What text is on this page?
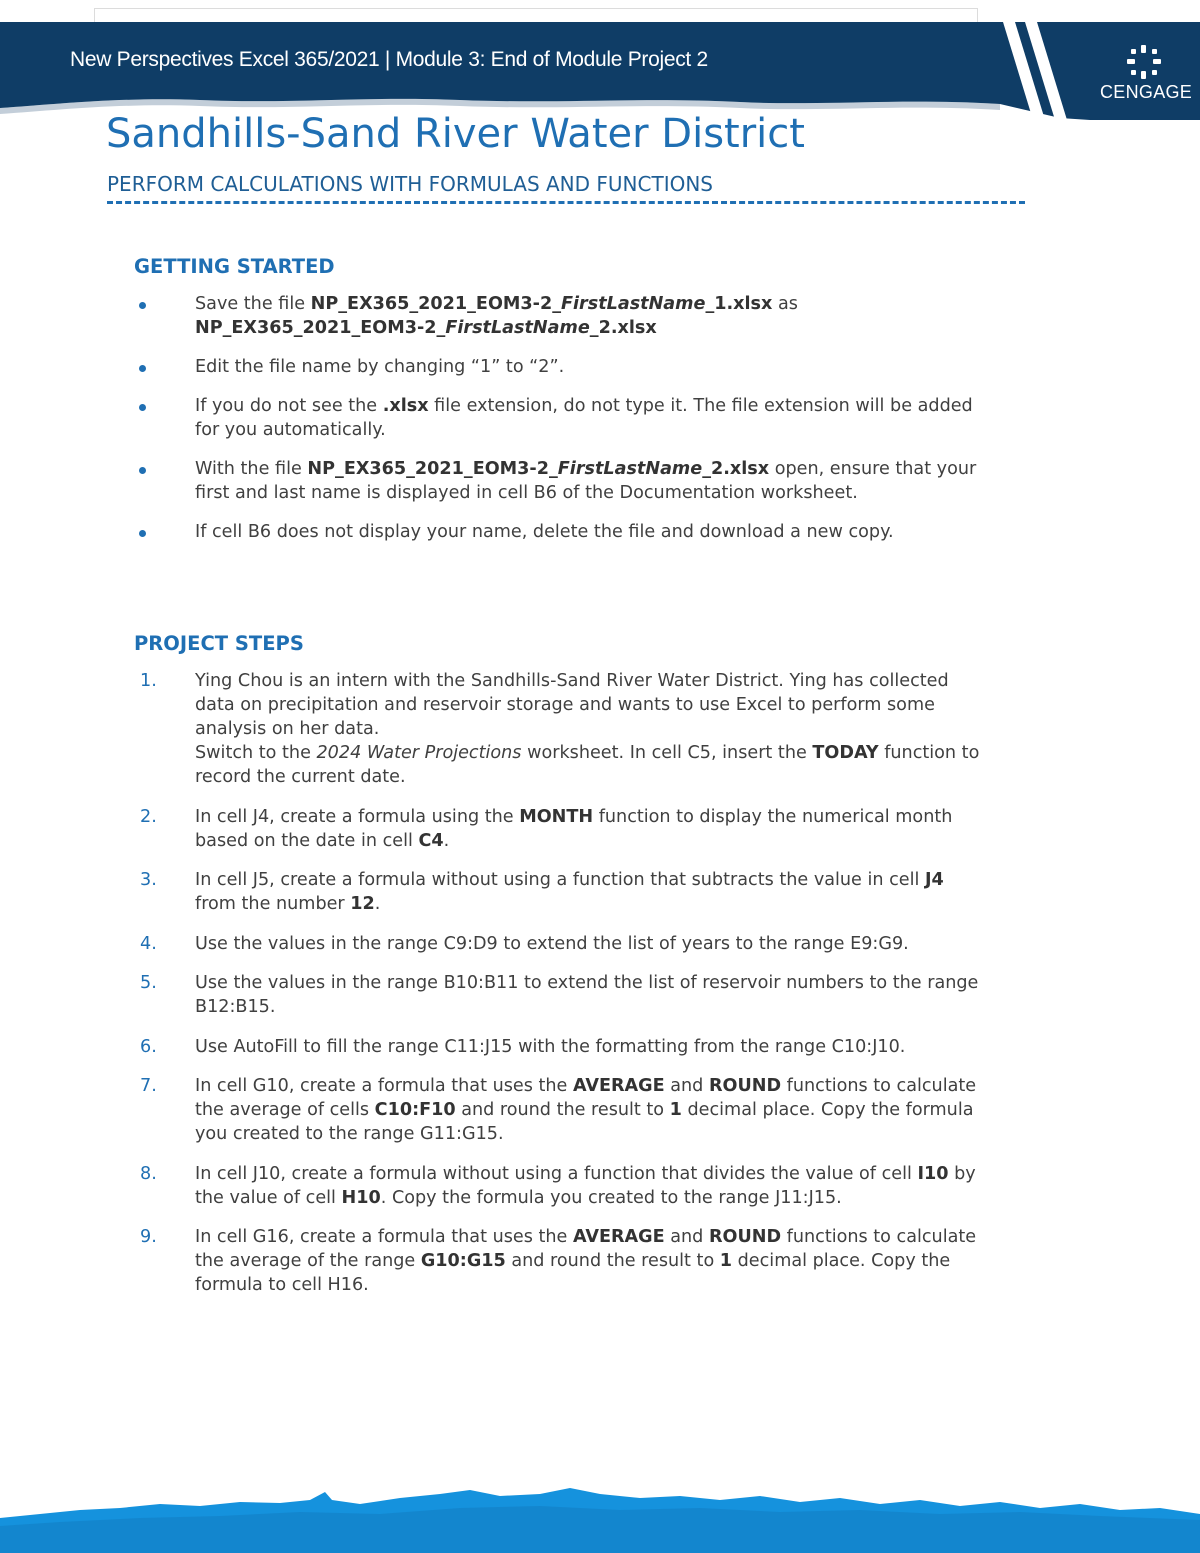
New Perspectives Excel 365/2021 | Module 3: End of Module Project 2
CENGAGE
Sandhills-Sand River Water District
PERFORM CALCULATIONS WITH FORMULAS AND FUNCTIONS
GETTING STARTED
Save the file NP_EX365_2021_EOM3-2_FirstLastName_1.xlsx as
NP_EX365_2021_EOM3-2_FirstLastName_2.xlsx
Edit the file name by changing “1” to “2”.
If you do not see the .xlsx file extension, do not type it. The file extension will be added for you automatically.
With the file NP_EX365_2021_EOM3-2_FirstLastName_2.xlsx open, ensure that your first and last name is displayed in cell B6 of the Documentation worksheet.
If cell B6 does not display your name, delete the file and download a new copy.
PROJECT STEPS
1. Ying Chou is an intern with the Sandhills-Sand River Water District. Ying has collected data on precipitation and reservoir storage and wants to use Excel to perform some analysis on her data.
Switch to the 2024 Water Projections worksheet. In cell C5, insert the TODAY function to record the current date.
2. In cell J4, create a formula using the MONTH function to display the numerical month based on the date in cell C4.
3. In cell J5, create a formula without using a function that subtracts the value in cell J4 from the number 12.
4. Use the values in the range C9:D9 to extend the list of years to the range E9:G9.
5. Use the values in the range B10:B11 to extend the list of reservoir numbers to the range B12:B15.
6. Use AutoFill to fill the range C11:J15 with the formatting from the range C10:J10.
7. In cell G10, create a formula that uses the AVERAGE and ROUND functions to calculate the average of cells C10:F10 and round the result to 1 decimal place. Copy the formula you created to the range G11:G15.
8. In cell J10, create a formula without using a function that divides the value of cell I10 by the value of cell H10. Copy the formula you created to the range J11:J15.
9. In cell G16, create a formula that uses the AVERAGE and ROUND functions to calculate the average of the range G10:G15 and round the result to 1 decimal place. Copy the formula to cell H16.
